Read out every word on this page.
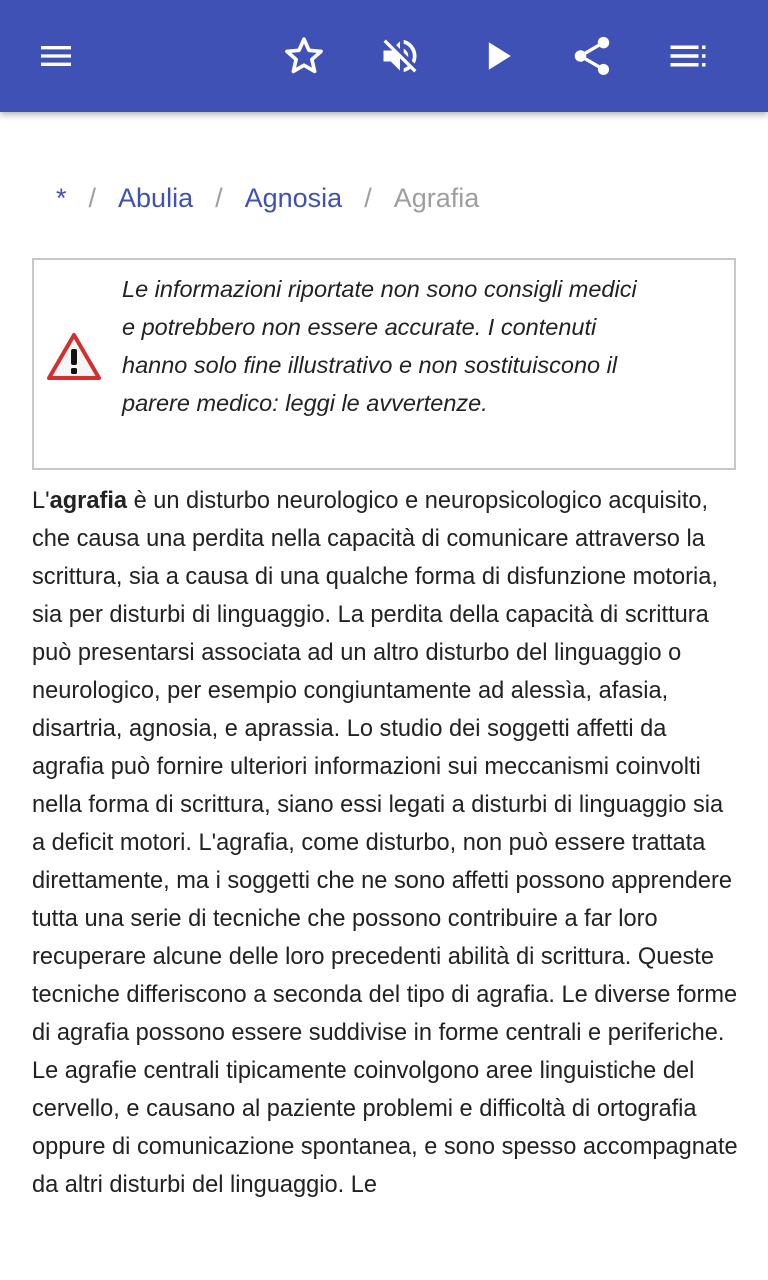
* / Abulia / Agnosia / Agrafia

Le informazioni riportate non sono consigli medici e potrebbero non essere accurate. I contenuti hanno solo fine illustrativo e non sostituiscono il parere medico: leggi le avvertenze.

L'agrafia è un disturbo neurologico e neuropsicologico acquisito, che causa una perdita nella capacità di comunicare attraverso la scrittura, sia a causa di una qualche forma di disfunzione motoria, sia per disturbi di linguaggio. La perdita della capacità di scrittura può presentarsi associata ad un altro disturbo del linguaggio o neurologico, per esempio congiuntamente ad alessìa, afasia, disartria, agnosia, e aprassia. Lo studio dei soggetti affetti da agrafia può fornire ulteriori informazioni sui meccanismi coinvolti nella forma di scrittura, siano essi legati a disturbi di linguaggio sia a deficit motori. L'agrafia, come disturbo, non può essere trattata direttamente, ma i soggetti che ne sono affetti possono apprendere tutta una serie di tecniche che possono contribuire a far loro recuperare alcune delle loro precedenti abilità di scrittura. Queste tecniche differiscono a seconda del tipo di agrafia. Le diverse forme di agrafia possono essere suddivise in forme centrali e periferiche. Le agrafie centrali tipicamente coinvolgono aree linguistiche del cervello, e causano al paziente problemi e difficoltà di ortografia oppure di comunicazione spontanea, e sono spesso accompagnate da altri disturbi del linguaggio. Le
